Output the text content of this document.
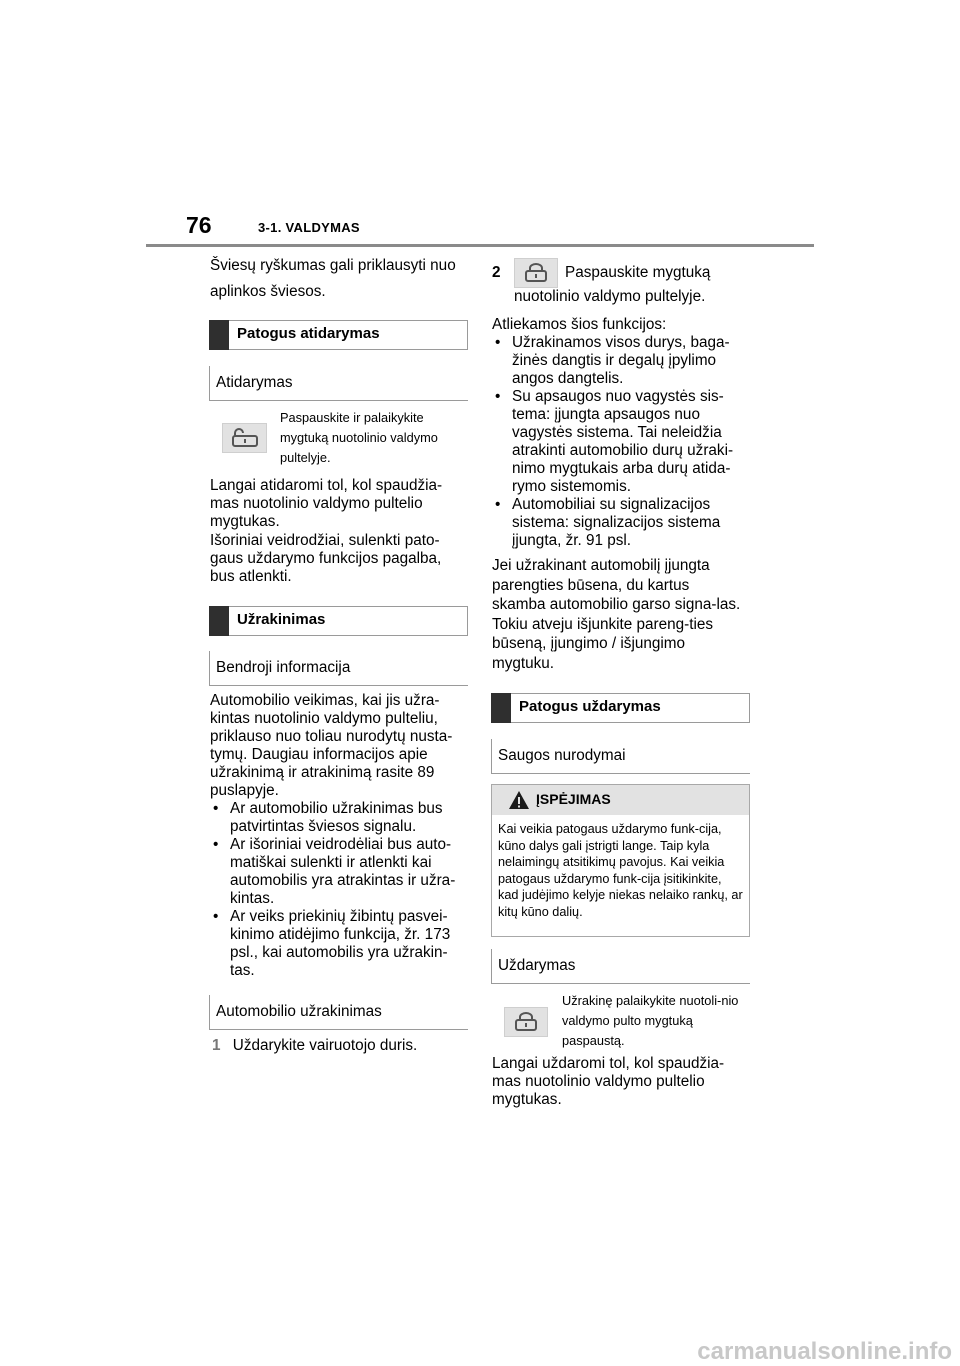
76	3-1. VALDYMAS

Šviesų ryškumas gali priklausyti nuo aplinkos šviesos.

Patogus atidarymas
Atidarymas
Paspauskite ir palaikykite mygtuką nuotolinio valdymo pultelyje.

Langai atidaromi tol, kol spaudžia-mas nuotolinio valdymo pultelio mygtukas.

Išoriniai veidrodžiai, sulenkti pato-gaus uždarymo funkcijos pagalba, bus atlenkti.

Užrakinimas
Bendroji informacija

Automobilio veikimas, kai jis užra-kintas nuotolinio valdymo pulteliu, priklauso nuo toliau nurodytų nusta-tymų. Daugiau informacijos apie užrakinimą ir atrakinimą rasite 89 puslapyje.

• Ar automobilio užrakinimas bus patvirtintas šviesos signalu.
• Ar išoriniai veidrodėliai bus auto-matiškai sulenkti ir atlenkti kai automobilis yra atrakintas ir užra-kintas.
• Ar veiks priekinių žibintų pasvei-kinimo atidėjimo funkcija, žr. 173 psl., kai automobilis yra užrakin-tas.
Automobilio užrakinimas
1 Uždarykite vairuotojo duris.
2	Paspauskite mygtuką
nuotolinio valdymo pultelyje.
Atliekamos šios funkcijos:
• Užrakinamos visos durys, baga-žinės dangtis ir degalų įpylimo angos dangtelis.
• Su apsaugos nuo vagystės sis-tema: įjungta apsaugos nuo vagystės sistema. Tai neleidžia atrakinti automobilio durų užraki-nimo mygtukais arba durų atida-rymo sistemomis.
• Automobiliai su signalizacijos sistema: signalizacijos sistema įjungta, žr. 91 psl.

Jei užrakinant automobilį įjungta parengties būsena, du kartus skamba automobilio garso signa-las. Tokiu atveju išjunkite pareng-ties būseną, įjungimo / išjungimo mygtuku.

Patogus uždarymas
Saugos nurodymai
ĮSPĖJIMAS
Kai veikia patogaus uždarymo funk-cija, kūno dalys gali įstrigti lange. Taip kyla nelaimingų atsitikimų pavojus. Kai veikia patogaus uždarymo funk-cija įsitikinkite, kad judėjimo kelyje niekas nelaiko rankų, ar kitų kūno dalių.
Uždarymas
Užrakinę palaikykite nuotoli-nio valdymo pulto mygtuką paspaustą.

Langai uždaromi tol, kol spaudžia-mas nuotolinio valdymo pultelio mygtukas.

carmanualsonline.info
